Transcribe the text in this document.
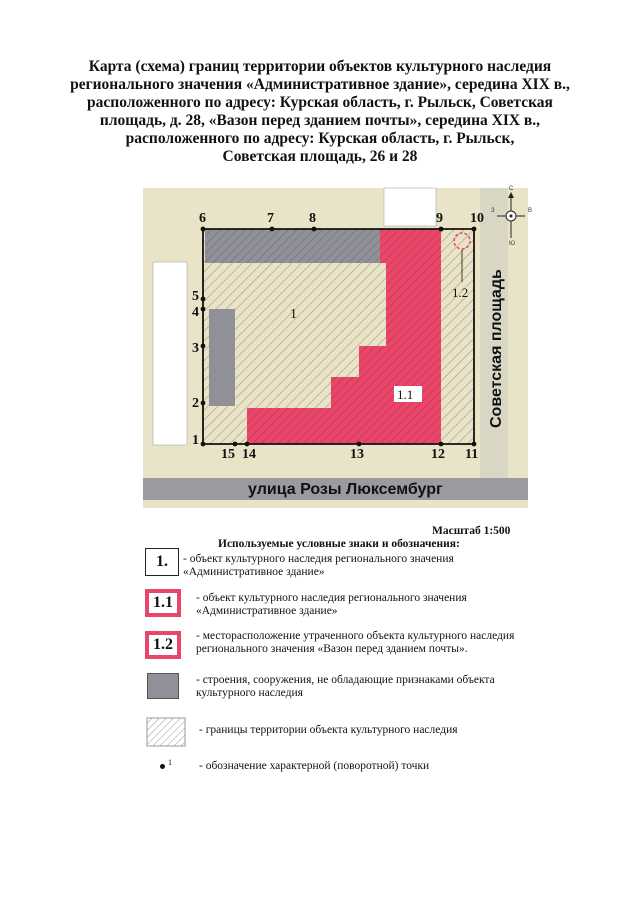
Карта (схема) границ территории объектов культурного наследия
регионального значения «Административное здание», середина XIX в.,
расположенного по адресу: Курская область, г. Рыльск, Советская
площадь, д. 28, «Вазон перед зданием почты», середина XIX в.,
расположенного по адресу: Курская область, г. Рыльск,
Советская площадь, 26 и 28
1
1.1
1.2
улица Розы Люксембург
Советская площадь
1
2
3
4
5
6	7	8	9 10
11
12
13
14
15
С
Ю
З	В
Масштаб 1:500
Используемые условные знаки и обозначения:
1. - объект культурного наследия регионального значения
«Административное здание»
1.1 - объект культурного наследия регионального значения
«Административное здание»
1.2 - месторасположение утраченного объекта культурного наследия
регионального значения «Вазон перед зданием почты».
- строения, сооружения, не обладающие признаками объекта
культурного наследия
- границы территории объекта культурного наследия
1 - обозначение характерной (поворотной) точки
